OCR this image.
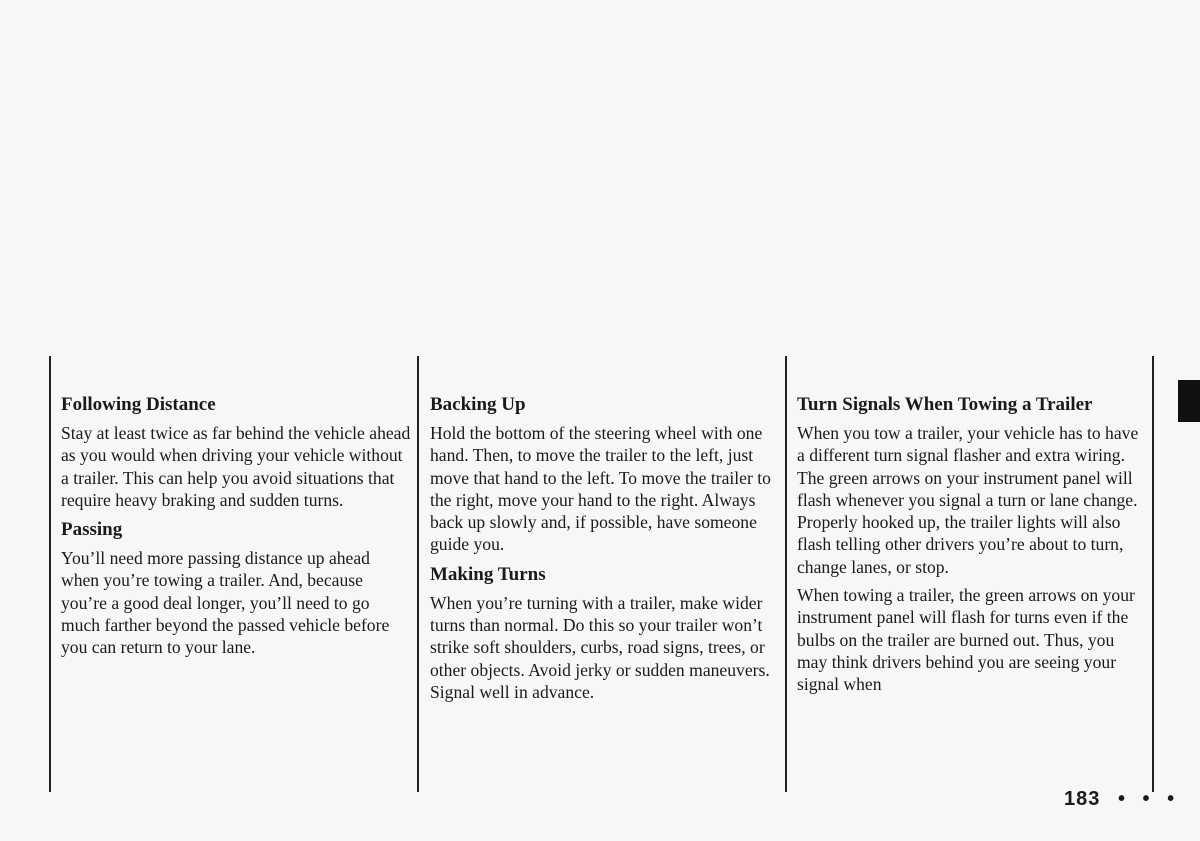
Following Distance

Stay at least twice as far behind the vehicle ahead as you would when driving your vehicle without a trailer. This can help you avoid situations that require heavy braking and sudden turns.

Passing

You’ll need more passing distance up ahead when you’re towing a trailer. And, because you’re a good deal longer, you’ll need to go much farther beyond the passed vehicle before you can return to your lane.

Backing Up

Hold the bottom of the steering wheel with one hand. Then, to move the trailer to the left, just move that hand to the left. To move the trailer to the right, move your hand to the right. Always back up slowly and, if possible, have someone guide you.

Making Turns

When you’re turning with a trailer, make wider turns than normal. Do this so your trailer won’t strike soft shoulders, curbs, road signs, trees, or other objects. Avoid jerky or sudden maneuvers. Signal well in advance.

Turn Signals When Towing a Trailer

When you tow a trailer, your vehicle has to have a different turn signal flasher and extra wiring. The green arrows on your instrument panel will flash whenever you signal a turn or lane change. Properly hooked up, the trailer lights will also flash telling other drivers you’re about to turn, change lanes, or stop.

When towing a trailer, the green arrows on your instrument panel will flash for turns even if the bulbs on the trailer are burned out. Thus, you may think drivers behind you are seeing your signal when

183 • • •
